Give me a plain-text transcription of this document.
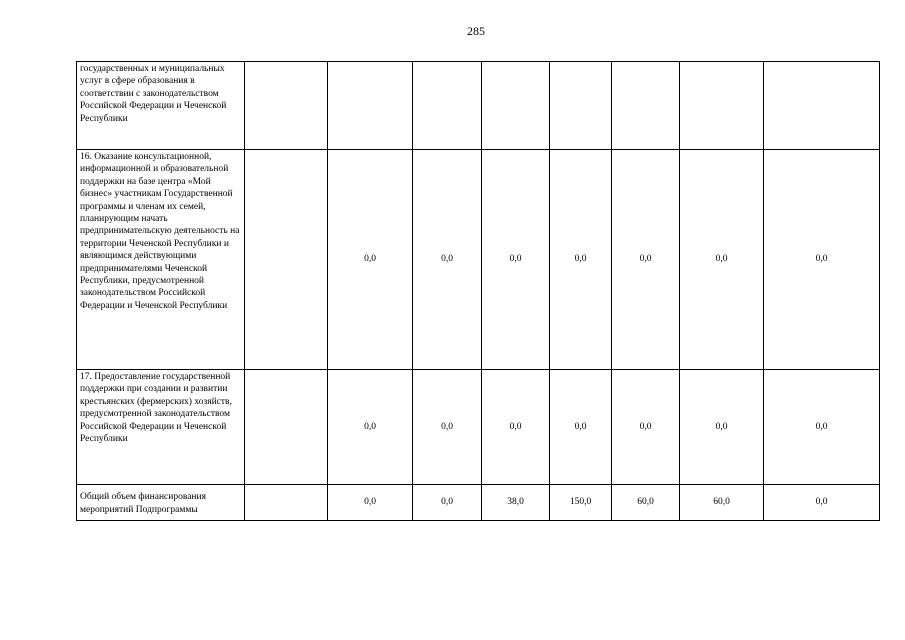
285
государственных и муниципальных услуг в сфере образования в соответствии с законодательством Российской Федерации и Чеченской Республики								
16. Оказание консультационной, информационной и образовательной поддержки на базе центра «Мой бизнес» участникам Государственной программы и членам их семей, планирующим начать предпринимательскую деятельность на территории Чеченской Республики и являющимся действующими предпринимателями Чеченской Республики, предусмотренной законодательством Российской Федерации и Чеченской Республики		0,0	0,0	0,0	0,0	0,0	0,0	0,0
17. Предоставление государственной поддержки при создании и развитии крестьянских (фермерских) хозяйств, предусмотренной законодательством Российской Федерации и Чеченской Республики		0,0	0,0	0,0	0,0	0,0	0,0	0,0
Общий объем финансирования мероприятий Подпрограммы		0,0	0,0	38,0	150,0	60,0	60,0	0,0
